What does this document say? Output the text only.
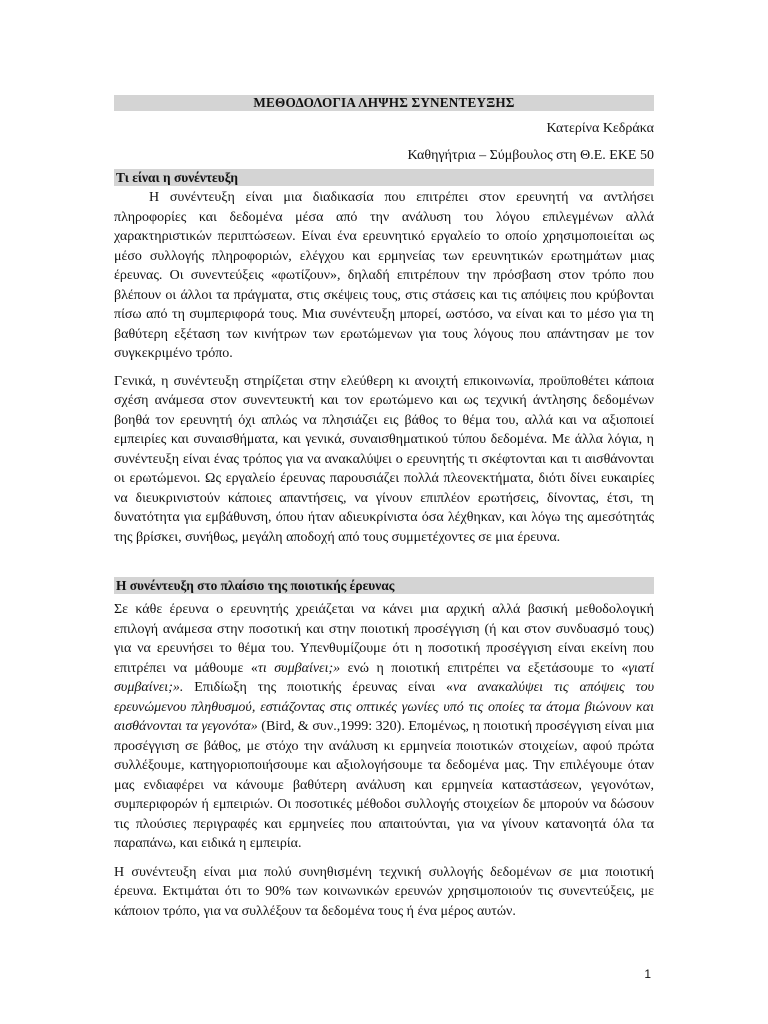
ΜΕΘΟΔΟΛΟΓΙΑ ΛΗΨΗΣ ΣΥΝΕΝΤΕΥΞΗΣ
Κατερίνα Κεδράκα
Καθηγήτρια – Σύμβουλος στη Θ.Ε. ΕΚΕ 50
Τι είναι η συνέντευξη

Η συνέντευξη είναι μια διαδικασία που επιτρέπει στον ερευνητή να αντλήσει πληροφορίες και δεδομένα μέσα από την ανάλυση του λόγου επιλεγμένων αλλά χαρακτηριστικών περιπτώσεων. Είναι ένα ερευνητικό εργαλείο το οποίο χρησιμοποιείται ως μέσο συλλογής πληροφοριών, ελέγχου και ερμηνείας των ερευνητικών ερωτημάτων μιας έρευνας. Οι συνεντεύξεις «φωτίζουν», δηλαδή επιτρέπουν την πρόσβαση στον τρόπο που βλέπουν οι άλλοι τα πράγματα, στις σκέψεις τους, στις στάσεις και τις απόψεις που κρύβονται πίσω από τη συμπεριφορά τους. Μια συνέντευξη μπορεί, ωστόσο, να είναι και το μέσο για τη βαθύτερη εξέταση των κινήτρων των ερωτώμενων για τους λόγους που απάντησαν με τον συγκεκριμένο τρόπο.

Γενικά, η συνέντευξη στηρίζεται στην ελεύθερη κι ανοιχτή επικοινωνία, προϋποθέτει κάποια σχέση ανάμεσα στον συνεντευκτή και τον ερωτώμενο και ως τεχνική άντλησης δεδομένων βοηθά τον ερευνητή όχι απλώς να πλησιάζει εις βάθος το θέμα του, αλλά και να αξιοποιεί εμπειρίες και συναισθήματα, και γενικά, συναισθηματικού τύπου δεδομένα. Με άλλα λόγια, η συνέντευξη είναι ένας τρόπος για να ανακαλύψει ο ερευνητής τι σκέφτονται και τι αισθάνονται οι ερωτώμενοι. Ως εργαλείο έρευνας παρουσιάζει πολλά πλεονεκτήματα, διότι δίνει ευκαιρίες να διευκρινιστούν κάποιες απαντήσεις, να γίνουν επιπλέον ερωτήσεις, δίνοντας, έτσι, τη δυνατότητα για εμβάθυνση, όπου ήταν αδιευκρίνιστα όσα λέχθηκαν, και λόγω της αμεσότητάς της βρίσκει, συνήθως, μεγάλη αποδοχή από τους συμμετέχοντες σε μια έρευνα.

Η συνέντευξη στο πλαίσιο της ποιοτικής έρευνας

Σε κάθε έρευνα ο ερευνητής χρειάζεται να κάνει μια αρχική αλλά βασική μεθοδολογική επιλογή ανάμεσα στην ποσοτική και στην ποιοτική προσέγγιση (ή και στον συνδυασμό τους) για να ερευνήσει το θέμα του. Υπενθυμίζουμε ότι η ποσοτική προσέγγιση είναι εκείνη που επιτρέπει να μάθουμε «τι συμβαίνει;» ενώ η ποιοτική επιτρέπει να εξετάσουμε το «γιατί συμβαίνει;». Επιδίωξη της ποιοτικής έρευνας είναι «να ανακαλύψει τις απόψεις του ερευνώμενου πληθυσμού, εστιάζοντας στις οπτικές γωνίες υπό τις οποίες τα άτομα βιώνουν και αισθάνονται τα γεγονότα» (Bird, & συν.,1999: 320). Επομένως, η ποιοτική προσέγγιση είναι μια προσέγγιση σε βάθος, με στόχο την ανάλυση κι ερμηνεία ποιοτικών στοιχείων, αφού πρώτα συλλέξουμε, κατηγοριοποιήσουμε και αξιολογήσουμε τα δεδομένα μας. Την επιλέγουμε όταν μας ενδιαφέρει να κάνουμε βαθύτερη ανάλυση και ερμηνεία καταστάσεων, γεγονότων, συμπεριφορών ή εμπειριών. Οι ποσοτικές μέθοδοι συλλογής στοιχείων δε μπορούν να δώσουν τις πλούσιες περιγραφές και ερμηνείες που απαιτούνται, για να γίνουν κατανοητά όλα τα παραπάνω, και ειδικά η εμπειρία.

Η συνέντευξη είναι μια πολύ συνηθισμένη τεχνική συλλογής δεδομένων σε μια ποιοτική έρευνα. Εκτιμάται ότι το 90% των κοινωνικών ερευνών χρησιμοποιούν τις συνεντεύξεις, με κάποιον τρόπο, για να συλλέξουν τα δεδομένα τους ή ένα μέρος αυτών.

1
